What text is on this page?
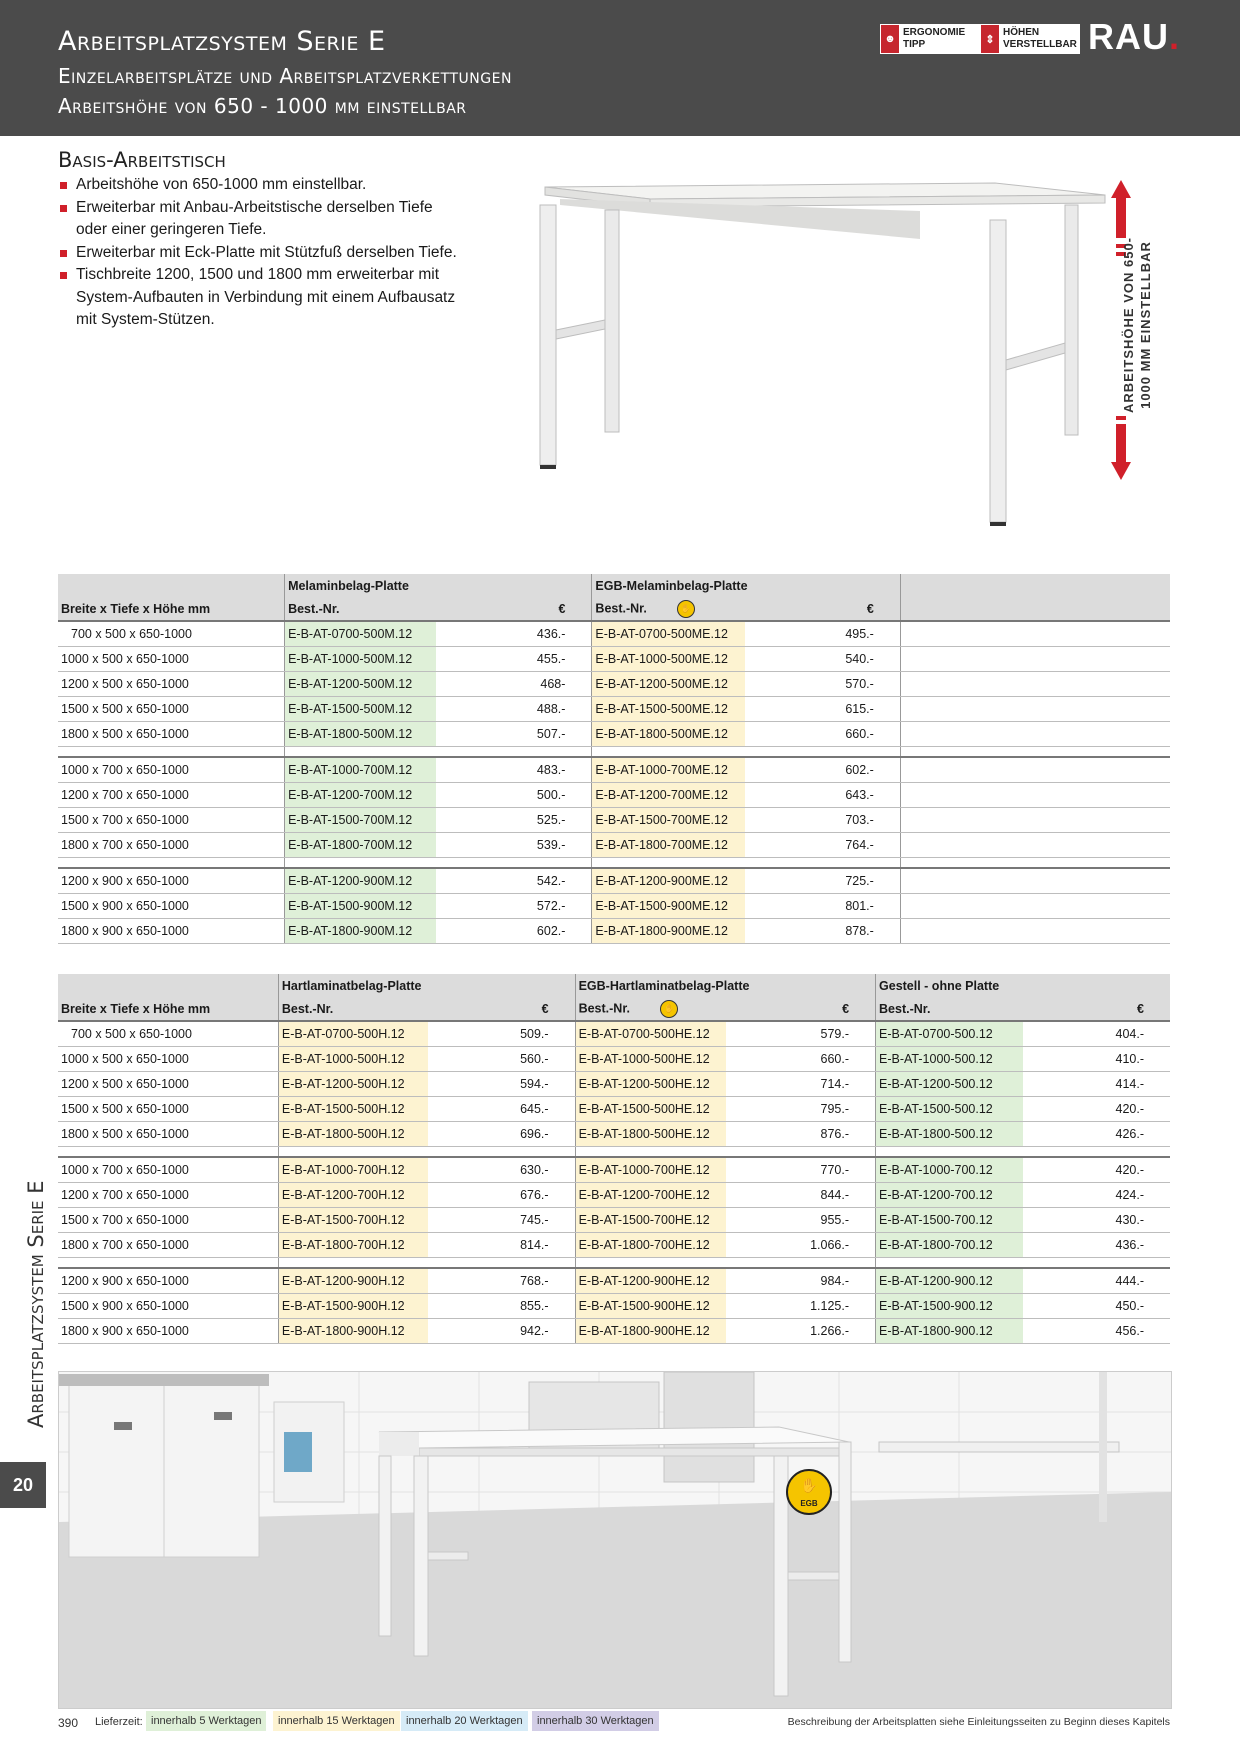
Arbeitsplatzsystem Serie E
Einzelarbeitsplätze und Arbeitsplatzverkettungen
Arbeitshöhe von 650 - 1000 mm einstellbar
☻
ERGONOMIE TIPP	⇕
HÖHEN VERSTELLBAR RAU.
Basis-Arbeitstisch
Arbeitshöhe von 650-1000 mm einstellbar.
Erweiterbar mit Anbau-Arbeitstische derselben Tiefe oder einer geringeren Tiefe.
Erweiterbar mit Eck-Platte mit Stützfuß derselben Tiefe.
Tischbreite 1200, 1500 und 1800 mm erweiterbar mit System-Aufbauten in Verbindung mit einem Aufbausatz mit System-Stützen.	ARBEITSHÖHE VON 650-1000 MM EINSTELLBAR
	Melaminbelag-Platte		EGB-Melaminbelag-Platte		
Breite x Tiefe x Höhe mm	Best.-Nr.	€	Best.-Nr. ✋	€	
700 x 500 x 650-1000	E-B-AT-0700-500M.12	436.-	E-B-AT-0700-500ME.12	495.-	
1000 x 500 x 650-1000	E-B-AT-1000-500M.12	455.-	E-B-AT-1000-500ME.12	540.-	
1200 x 500 x 650-1000	E-B-AT-1200-500M.12	468-	E-B-AT-1200-500ME.12	570.-	
1500 x 500 x 650-1000	E-B-AT-1500-500M.12	488.-	E-B-AT-1500-500ME.12	615.-	
1800 x 500 x 650-1000	E-B-AT-1800-500M.12	507.-	E-B-AT-1800-500ME.12	660.-	

1000 x 700 x 650-1000	E-B-AT-1000-700M.12	483.-	E-B-AT-1000-700ME.12	602.-	
1200 x 700 x 650-1000	E-B-AT-1200-700M.12	500.-	E-B-AT-1200-700ME.12	643.-	
1500 x 700 x 650-1000	E-B-AT-1500-700M.12	525.-	E-B-AT-1500-700ME.12	703.-	
1800 x 700 x 650-1000	E-B-AT-1800-700M.12	539.-	E-B-AT-1800-700ME.12	764.-	

1200 x 900 x 650-1000	E-B-AT-1200-900M.12	542.-	E-B-AT-1200-900ME.12	725.-	
1500 x 900 x 650-1000	E-B-AT-1500-900M.12	572.-	E-B-AT-1500-900ME.12	801.-	
1800 x 900 x 650-1000	E-B-AT-1800-900M.12	602.-	E-B-AT-1800-900ME.12	878.-	
	Hartlaminatbelag-Platte		EGB-Hartlaminatbelag-Platte		Gestell - ohne Platte	
Breite x Tiefe x Höhe mm	Best.-Nr.	€	Best.-Nr. ✋	€	Best.-Nr.	€
700 x 500 x 650-1000	E-B-AT-0700-500H.12	509.-	E-B-AT-0700-500HE.12	579.-	E-B-AT-0700-500.12	404.-
1000 x 500 x 650-1000	E-B-AT-1000-500H.12	560.-	E-B-AT-1000-500HE.12	660.-	E-B-AT-1000-500.12	410.-
1200 x 500 x 650-1000	E-B-AT-1200-500H.12	594.-	E-B-AT-1200-500HE.12	714.-	E-B-AT-1200-500.12	414.-
1500 x 500 x 650-1000	E-B-AT-1500-500H.12	645.-	E-B-AT-1500-500HE.12	795.-	E-B-AT-1500-500.12	420.-
1800 x 500 x 650-1000	E-B-AT-1800-500H.12	696.-	E-B-AT-1800-500HE.12	876.-	E-B-AT-1800-500.12	426.-

1000 x 700 x 650-1000	E-B-AT-1000-700H.12	630.-	E-B-AT-1000-700HE.12	770.-	E-B-AT-1000-700.12	420.-
1200 x 700 x 650-1000	E-B-AT-1200-700H.12	676.-	E-B-AT-1200-700HE.12	844.-	E-B-AT-1200-700.12	424.-
1500 x 700 x 650-1000	E-B-AT-1500-700H.12	745.-	E-B-AT-1500-700HE.12	955.-	E-B-AT-1500-700.12	430.-
1800 x 700 x 650-1000	E-B-AT-1800-700H.12	814.-	E-B-AT-1800-700HE.12	1.066.-	E-B-AT-1800-700.12	436.-

1200 x 900 x 650-1000	E-B-AT-1200-900H.12	768.-	E-B-AT-1200-900HE.12	984.-	E-B-AT-1200-900.12	444.-
1500 x 900 x 650-1000	E-B-AT-1500-900H.12	855.-	E-B-AT-1500-900HE.12	1.125.-	E-B-AT-1500-900.12	450.-
1800 x 900 x 650-1000	E-B-AT-1800-900H.12	942.-	E-B-AT-1800-900HE.12	1.266.-	E-B-AT-1800-900.12	456.-
Arbeitsplatzsystem Serie E
20	✋
EGB
390 Lieferzeit: innerhalb 5 Werktagen	innerhalb 15 Werktagen	innerhalb 20 Werktagen	innerhalb 30 Werktagen	Beschreibung der Arbeitsplatten siehe Einleitungsseiten zu Beginn dieses Kapitels
